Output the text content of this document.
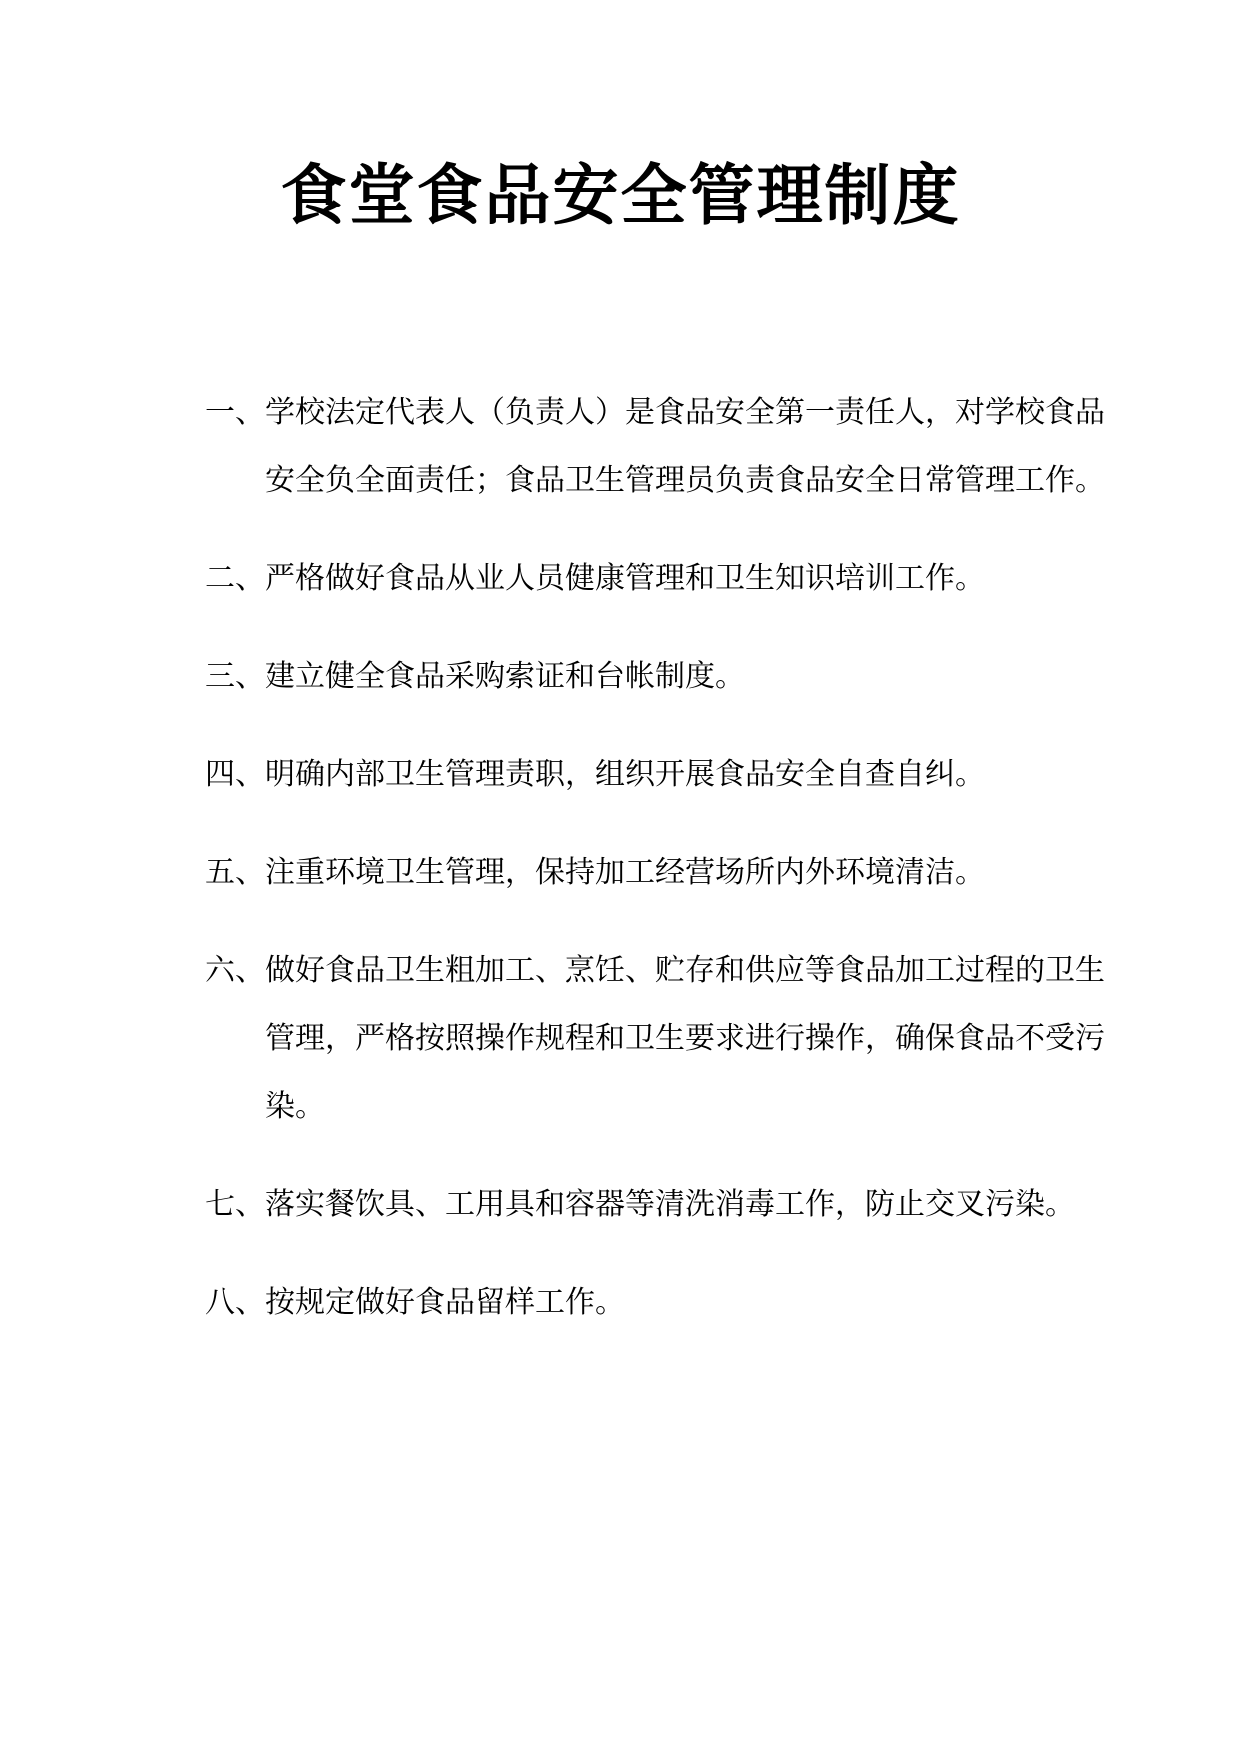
食堂食品安全管理制度
一、 学校法定代表人（负责人）是食品安全第一责任人，对学校食品安全负全面责任；食品卫生管理员负责食品安全日常管理工作。
二、 严格做好食品从业人员健康管理和卫生知识培训工作。
三、 建立健全食品采购索证和台帐制度。
四、 明确内部卫生管理责职，组织开展食品安全自查自纠。
五、 注重环境卫生管理，保持加工经营场所内外环境清洁。
六、 做好食品卫生粗加工、烹饪、贮存和供应等食品加工过程的卫生管理，严格按照操作规程和卫生要求进行操作，确保食品不受污染。
七、 落实餐饮具、工用具和容器等清洗消毒工作，防止交叉污染。
八、 按规定做好食品留样工作。
